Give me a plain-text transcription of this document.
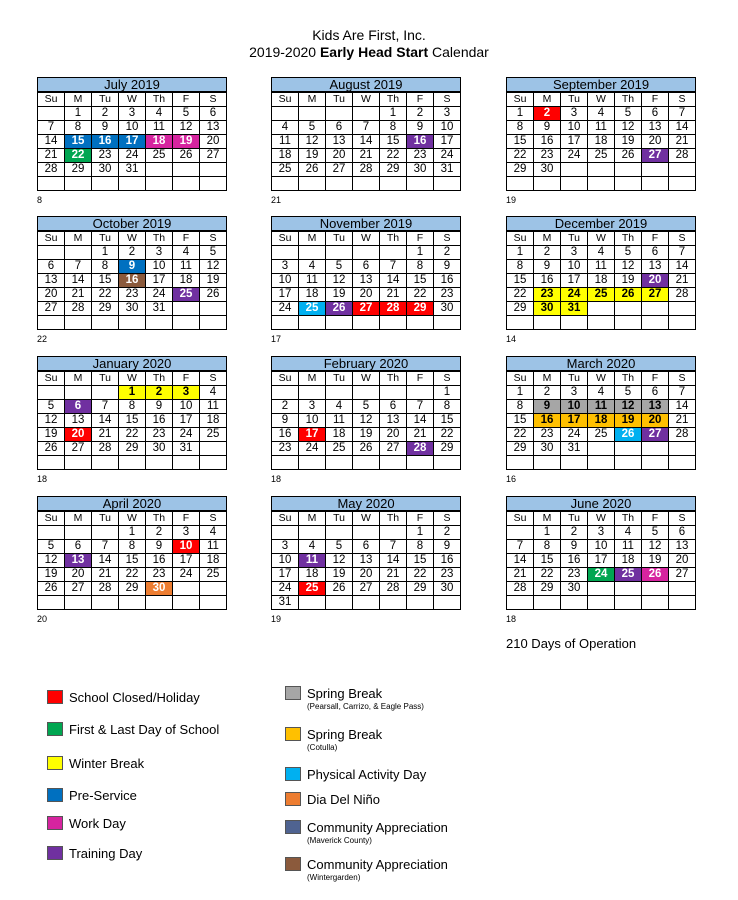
Kids Are First, Inc.
2019-2020 Early Head Start Calendar
July 2019
Su	M	Tu	W	Th	F	S
	1	2	3	4	5	6
7	8	9	10	11	12	13
14	15	16	17	18	19	20
21	22	23	24	25	26	27
28	29	30	31			

8
August 2019
Su	M	Tu	W	Th	F	S
				1	2	3
4	5	6	7	8	9	10
11	12	13	14	15	16	17
18	19	20	21	22	23	24
25	26	27	28	29	30	31

21
September 2019
Su	M	Tu	W	Th	F	S
1	2	3	4	5	6	7
8	9	10	11	12	13	14
15	16	17	18	19	20	21
22	23	24	25	26	27	28
29	30					

19
October 2019
Su	M	Tu	W	Th	F	S
		1	2	3	4	5
6	7	8	9	10	11	12
13	14	15	16	17	18	19
20	21	22	23	24	25	26
27	28	29	30	31		

22
November 2019
Su	M	Tu	W	Th	F	S
					1	2
3	4	5	6	7	8	9
10	11	12	13	14	15	16
17	18	19	20	21	22	23
24	25	26	27	28	29	30

17
December 2019
Su	M	Tu	W	Th	F	S
1	2	3	4	5	6	7
8	9	10	11	12	13	14
15	16	17	18	19	20	21
22	23	24	25	26	27	28
29	30	31				

14
January 2020
Su	M	Tu	W	Th	F	S
			1	2	3	4
5	6	7	8	9	10	11
12	13	14	15	16	17	18
19	20	21	22	23	24	25
26	27	28	29	30	31	

18
February 2020
Su	M	Tu	W	Th	F	S
						1
2	3	4	5	6	7	8
9	10	11	12	13	14	15
16	17	18	19	20	21	22
23	24	25	26	27	28	29

18
March 2020
Su	M	Tu	W	Th	F	S
1	2	3	4	5	6	7
8	9	10	11	12	13	14
15	16	17	18	19	20	21
22	23	24	25	26	27	28
29	30	31				

16
April 2020
Su	M	Tu	W	Th	F	S
			1	2	3	4
5	6	7	8	9	10	11
12	13	14	15	16	17	18
19	20	21	22	23	24	25
26	27	28	29	30		

20
May 2020
Su	M	Tu	W	Th	F	S
					1	2
3	4	5	6	7	8	9
10	11	12	13	14	15	16
17	18	19	20	21	22	23
24	25	26	27	28	29	30
31						
19
June 2020
Su	M	Tu	W	Th	F	S
	1	2	3	4	5	6
7	8	9	10	11	12	13
14	15	16	17	18	19	20
21	22	23	24	25	26	27
28	29	30				

18
210 Days of Operation
School Closed/Holiday
First & Last Day of School
Winter Break
Pre-Service
Work Day
Training Day
Spring Break
(Pearsall, Carrizo, & Eagle Pass)
Spring Break
(Cotulla)
Physical Activity Day
Dia Del Niño
Community Appreciation
(Maverick County)
Community Appreciation
(Wintergarden)
